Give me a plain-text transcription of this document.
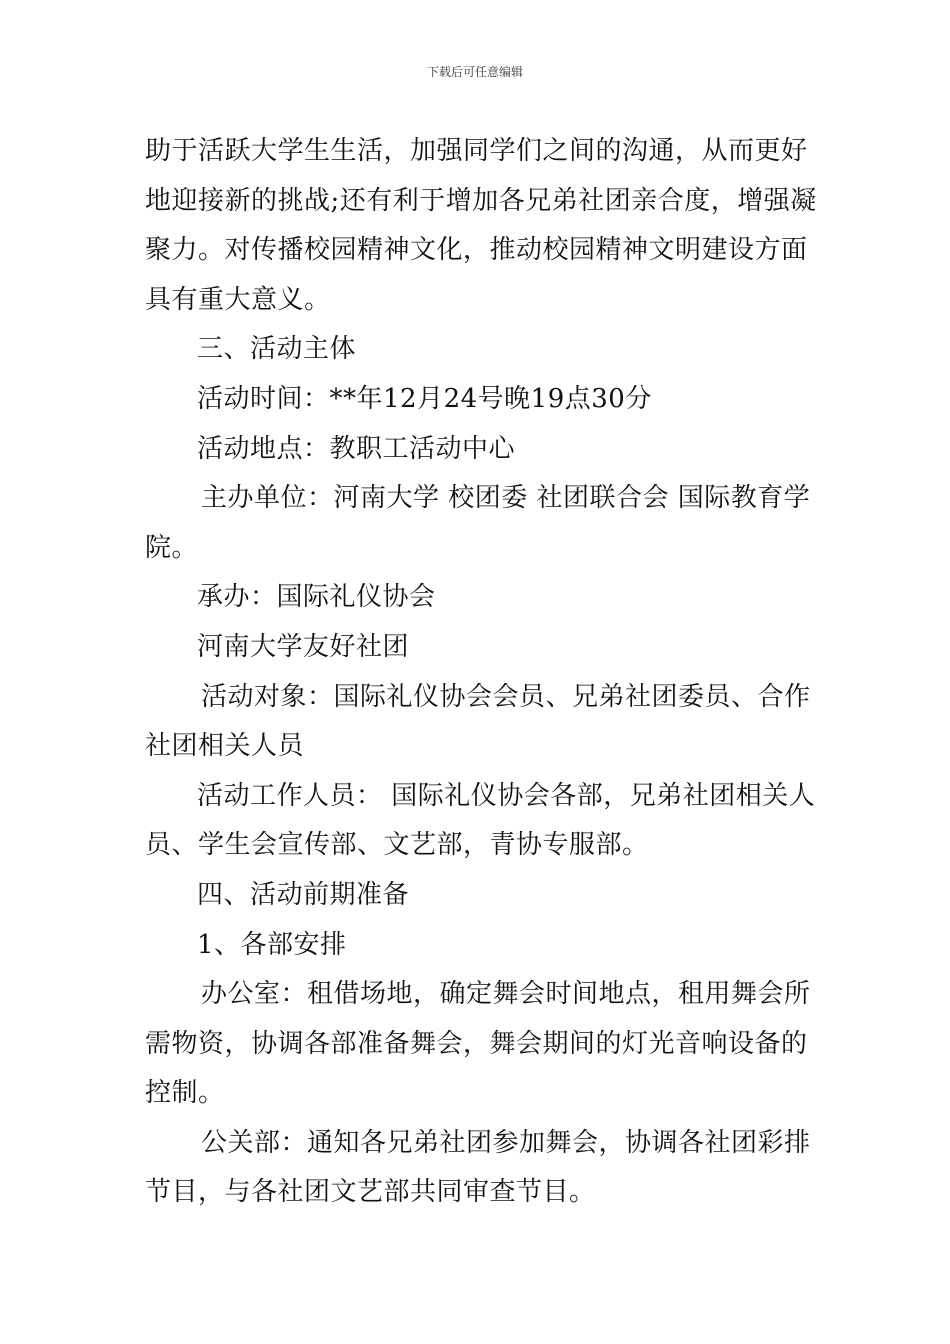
下载后可任意编辑
助于活跃大学生生活，加强同学们之间的沟通，从而更好
地迎接新的挑战;还有利于增加各兄弟社团亲合度，增强凝
聚力。对传播校园精神文化，推动校园精神文明建设方面
具有重大意义。
三、活动主体
活动时间：**年12月24号晚19点30分
活动地点：教职工活动中心
主办单位：河南大学 校团委 社团联合会 国际教育学
院。
承办：国际礼仪协会
河南大学友好社团
活动对象：国际礼仪协会会员、兄弟社团委员、合作
社团相关人员
活动工作人员： 国际礼仪协会各部，兄弟社团相关人
员、学生会宣传部、文艺部，青协专服部。
四、活动前期准备
1、各部安排
办公室：租借场地，确定舞会时间地点，租用舞会所
需物资，协调各部准备舞会，舞会期间的灯光音响设备的
控制。
公关部：通知各兄弟社团参加舞会，协调各社团彩排
节目，与各社团文艺部共同审查节目。
